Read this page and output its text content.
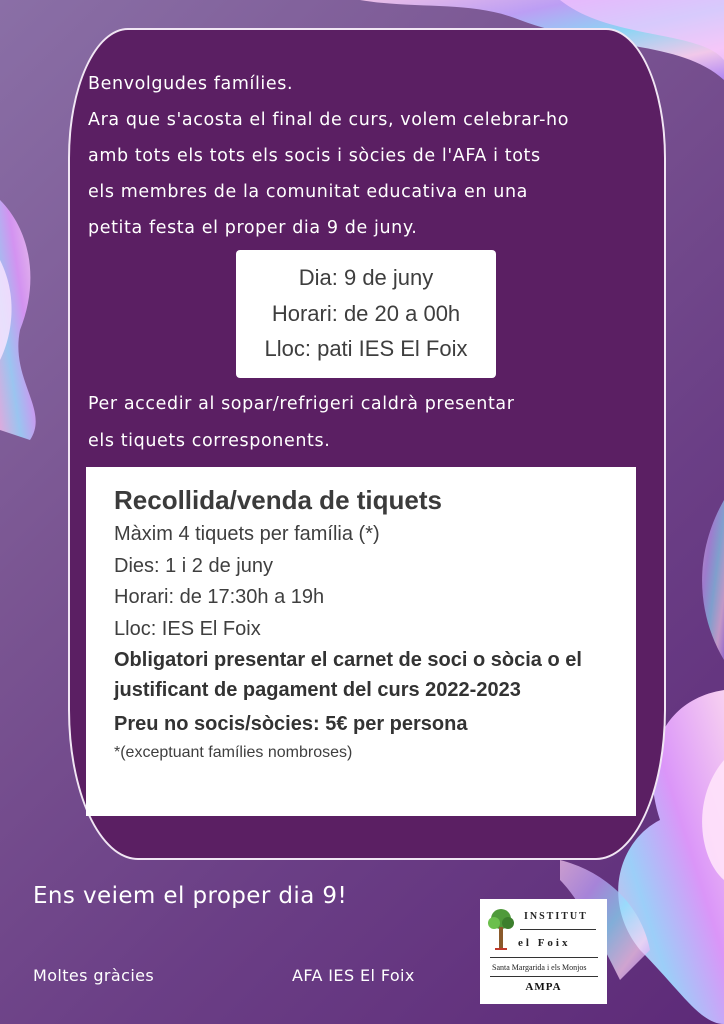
Benvolgudes famílies.
Ara que s'acosta el final de curs, volem celebrar-ho
amb tots els tots els socis i sòcies de l'AFA i tots
els membres de la comunitat educativa en una
petita festa el proper dia 9 de juny.
Dia: 9 de juny
Horari: de 20 a 00h
Lloc: pati IES El Foix
Per accedir al sopar/refrigeri caldrà presentar
els tiquets corresponents.
Recollida/venda de tiquets
Màxim 4 tiquets per família (*)
Dies: 1 i 2 de juny
Horari: de 17:30h a 19h
Lloc: IES El Foix
Obligatori presentar el carnet de soci o sòcia o el justificant de pagament del curs 2022-2023
Preu no socis/sòcies: 5€ per persona
*(exceptuant famílies nombroses)
Ens veiem el proper dia 9!
Moltes gràcies	AFA IES El Foix
INSTITUT
el Foix
Santa Margarida i els Monjos
AMPA
